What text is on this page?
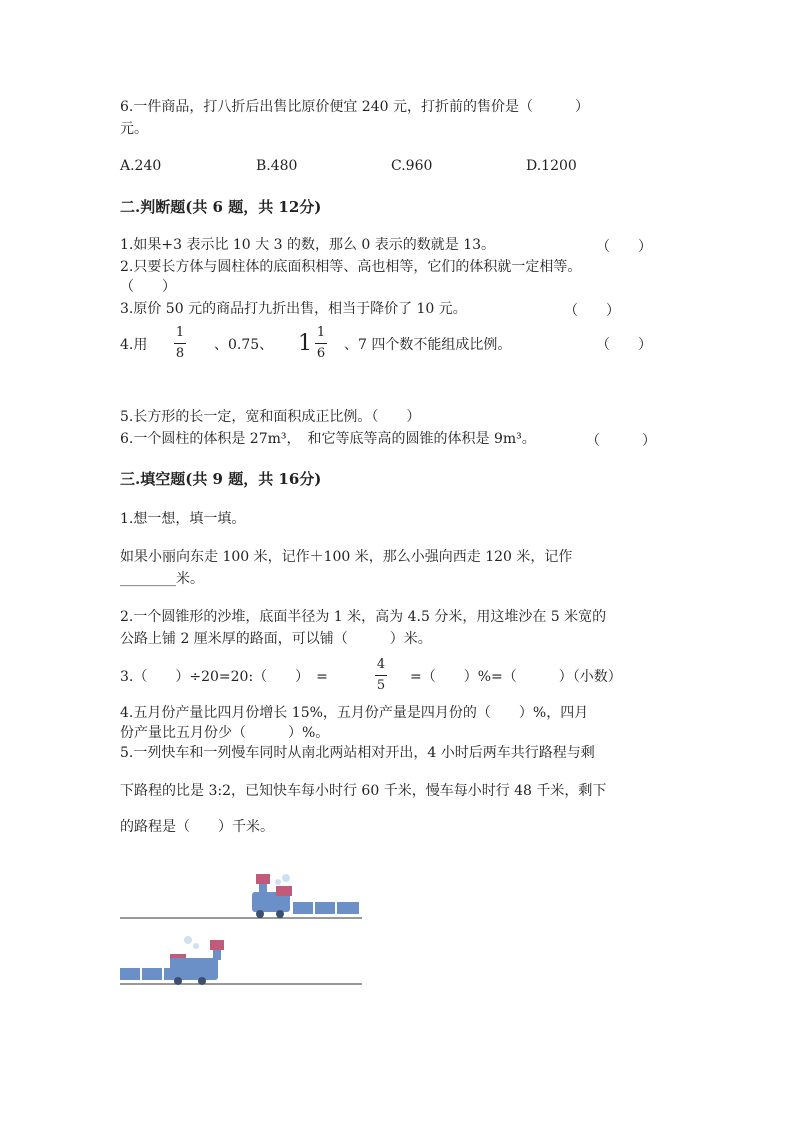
6.一件商品，打八折后出售比原价便宜 240 元，打折前的售价是（　　　）
元。
A.240	B.480	C.960	D.1200
二.判断题(共 6 题，共 12分)
1.如果+3 表示比 10 大 3 的数，那么 0 表示的数就是 13。	（　　）
2.只要长方体与圆柱体的底面积相等、高也相等，它们的体积就一定相等。
（　　）
3.原价 50 元的商品打九折出售，相当于降价了 10 元。	（　　）
4.用
1
8
、0.75、 $1 \frac{1}{6}$ 、7 四个数不能组成比例。	（　　）
5.长方形的长一定，宽和面积成正比例。（　　）
6.一个圆柱的体积是 27m³，　和它等底等高的圆锥的体积是 9m³。	（　　　）
三.填空题(共 9 题，共 16分)
1.想一想，填一填。
如果小丽向东走 100 米，记作＋100 米，那么小强向西走 120 米，记作
________米。
2.一个圆锥形的沙堆，底面半径为 1 米，高为 4.5 分米，用这堆沙在 5 米宽的
公路上铺 2 厘米厚的路面，可以铺（　　　）米。
3.（　　）÷20=20:（　　）　=
4
5
=（　　）%=（　　　）（小数）
4.五月份产量比四月份增长 15%，五月份产量是四月份的（　　）%，四月
份产量比五月份少（　　　）%。
5.一列快车和一列慢车同时从南北两站相对开出，4 小时后两车共行路程与剩
下路程的比是 3:2，已知快车每小时行 60 千米，慢车每小时行 48 千米，剩下
的路程是（　　）千米。
